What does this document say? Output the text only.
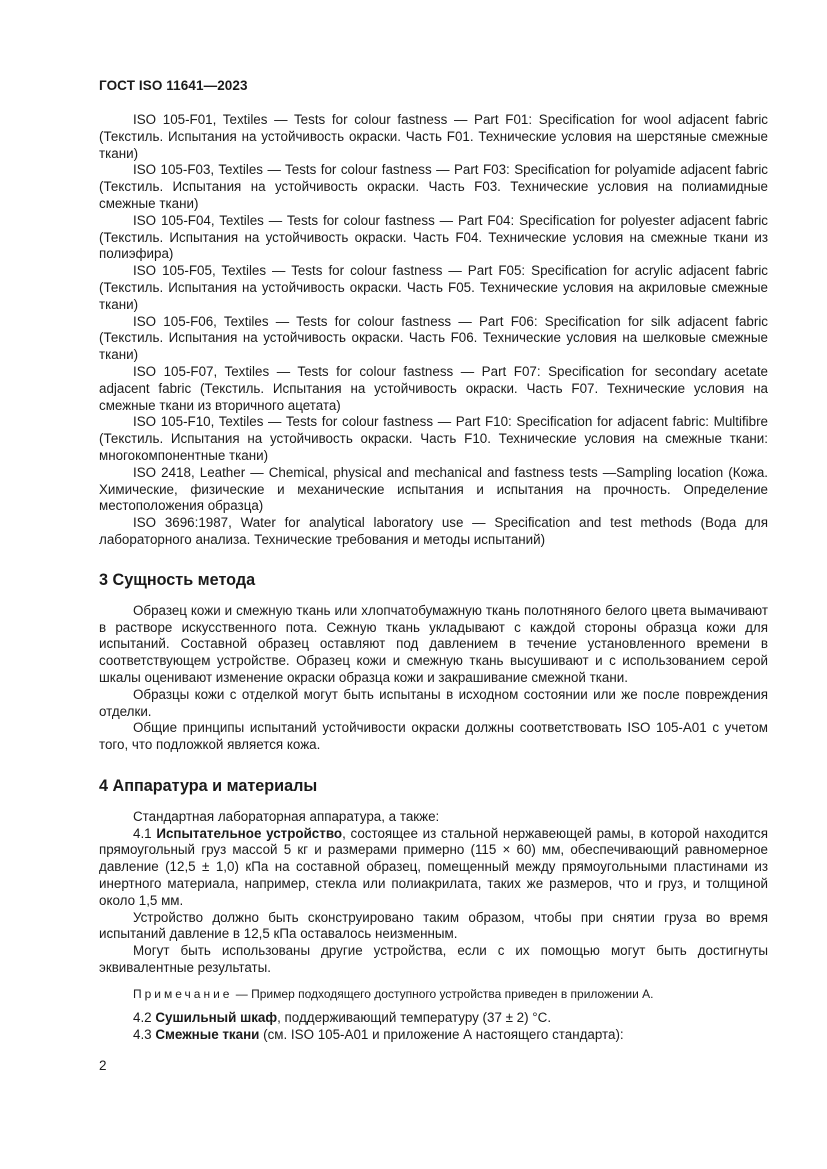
ГОСТ ISO 11641—2023

ISO 105-F01, Textiles — Tests for colour fastness — Part F01: Specification for wool adjacent fabric (Текстиль. Испытания на устойчивость окраски. Часть F01. Технические условия на шерстяные смежные ткани)

ISO 105-F03, Textiles — Tests for colour fastness — Part F03: Specification for polyamide adjacent fabric (Текстиль. Испытания на устойчивость окраски. Часть F03. Технические условия на полиамидные смежные ткани)

ISO 105-F04, Textiles — Tests for colour fastness — Part F04: Specification for polyester adjacent fabric (Текстиль. Испытания на устойчивость окраски. Часть F04. Технические условия на смежные ткани из полиэфира)

ISO 105-F05, Textiles — Tests for colour fastness — Part F05: Specification for acrylic adjacent fabric (Текстиль. Испытания на устойчивость окраски. Часть F05. Технические условия на акриловые смежные ткани)

ISO 105-F06, Textiles — Tests for colour fastness — Part F06: Specification for silk adjacent fabric (Текстиль. Испытания на устойчивость окраски. Часть F06. Технические условия на шелковые смежные ткани)

ISO 105-F07, Textiles — Tests for colour fastness — Part F07: Specification for secondary acetate adjacent fabric (Текстиль. Испытания на устойчивость окраски. Часть F07. Технические условия на смежные ткани из вторичного ацетата)

ISO 105-F10, Textiles — Tests for colour fastness — Part F10: Specification for adjacent fabric: Multifibre (Текстиль. Испытания на устойчивость окраски. Часть F10. Технические условия на смежные ткани: многокомпонентные ткани)

ISO 2418, Leather — Chemical, physical and mechanical and fastness tests —Sampling location (Кожа. Химические, физические и механические испытания и испытания на прочность. Определение местоположения образца)

ISO 3696:1987, Water for analytical laboratory use — Specification and test methods (Вода для лабораторного анализа. Технические требования и методы испытаний)

3 Сущность метода

Образец кожи и смежную ткань или хлопчатобумажную ткань полотняного белого цвета вымачивают в растворе искусственного пота. Сежную ткань укладывают с каждой стороны образца кожи для испытаний. Составной образец оставляют под давлением в течение установленного времени в соответствующем устройстве. Образец кожи и смежную ткань высушивают и с использованием серой шкалы оценивают изменение окраски образца кожи и закрашивание смежной ткани.

Образцы кожи с отделкой могут быть испытаны в исходном состоянии или же после повреждения отделки.

Общие принципы испытаний устойчивости окраски должны соответствовать ISO 105-A01 с учетом того, что подложкой является кожа.

4 Аппаратура и материалы

Стандартная лабораторная аппаратура, а также:

4.1 Испытательное устройство, состоящее из стальной нержавеющей рамы, в которой находится прямоугольный груз массой 5 кг и размерами примерно (115 × 60) мм, обеспечивающий равномерное давление (12,5 ± 1,0) кПа на составной образец, помещенный между прямоугольными пластинами из инертного материала, например, стекла или полиакрилата, таких же размеров, что и груз, и толщиной около 1,5 мм.

Устройство должно быть сконструировано таким образом, чтобы при снятии груза во время испытаний давление в 12,5 кПа оставалось неизменным.

Могут быть использованы другие устройства, если с их помощью могут быть достигнуты эквивалентные результаты.

Примечание — Пример подходящего доступного устройства приведен в приложении А.

4.2 Сушильный шкаф, поддерживающий температуру (37 ± 2) °С.

4.3 Смежные ткани (см. ISO 105-A01 и приложение А настоящего стандарта):

2
